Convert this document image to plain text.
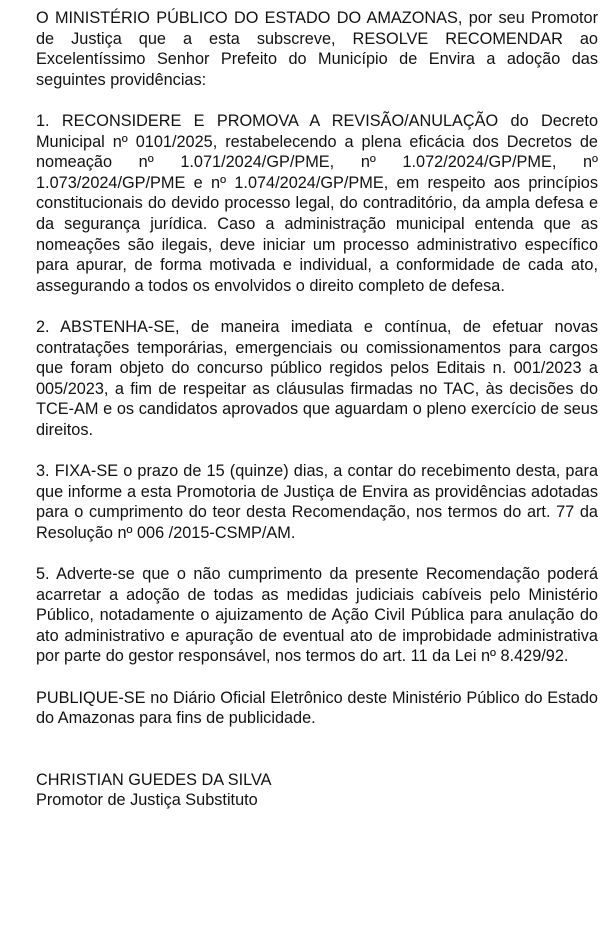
O MINISTÉRIO PÚBLICO DO ESTADO DO AMAZONAS, por seu Promotor de Justiça que a esta subscreve, RESOLVE RECOMENDAR ao Excelentíssimo Senhor Prefeito do Município de Envira a adoção das seguintes providências:

1. RECONSIDERE E PROMOVA A REVISÃO/ANULAÇÃO do Decreto Municipal nº 0101/2025, restabelecendo a plena eficácia dos Decretos de nomeação nº 1.071/2024/GP/PME, nº 1.072/2024/GP/PME, nº 1.073/2024/GP/PME e nº 1.074/2024/GP/PME, em respeito aos princípios constitucionais do devido processo legal, do contraditório, da ampla defesa e da segurança jurídica. Caso a administração municipal entenda que as nomeações são ilegais, deve iniciar um processo administrativo específico para apurar, de forma motivada e individual, a conformidade de cada ato, assegurando a todos os envolvidos o direito completo de defesa.

2. ABSTENHA-SE, de maneira imediata e contínua, de efetuar novas contratações temporárias, emergenciais ou comissionamentos para cargos que foram objeto do concurso público regidos pelos Editais n. 001/2023 a 005/2023, a fim de respeitar as cláusulas firmadas no TAC, às decisões do TCE-AM e os candidatos aprovados que aguardam o pleno exercício de seus direitos.

3. FIXA-SE o prazo de 15 (quinze) dias, a contar do recebimento desta, para que informe a esta Promotoria de Justiça de Envira as providências adotadas para o cumprimento do teor desta Recomendação, nos termos do art. 77 da Resolução nº 006 /2015-CSMP/AM.

5. Adverte-se que o não cumprimento da presente Recomendação poderá acarretar a adoção de todas as medidas judiciais cabíveis pelo Ministério Público, notadamente o ajuizamento de Ação Civil Pública para anulação do ato administrativo e apuração de eventual ato de improbidade administrativa por parte do gestor responsável, nos termos do art. 11 da Lei nº 8.429/92.

PUBLIQUE-SE no Diário Oficial Eletrônico deste Ministério Público do Estado do Amazonas para fins de publicidade.

CHRISTIAN GUEDES DA SILVA
Promotor de Justiça Substituto
